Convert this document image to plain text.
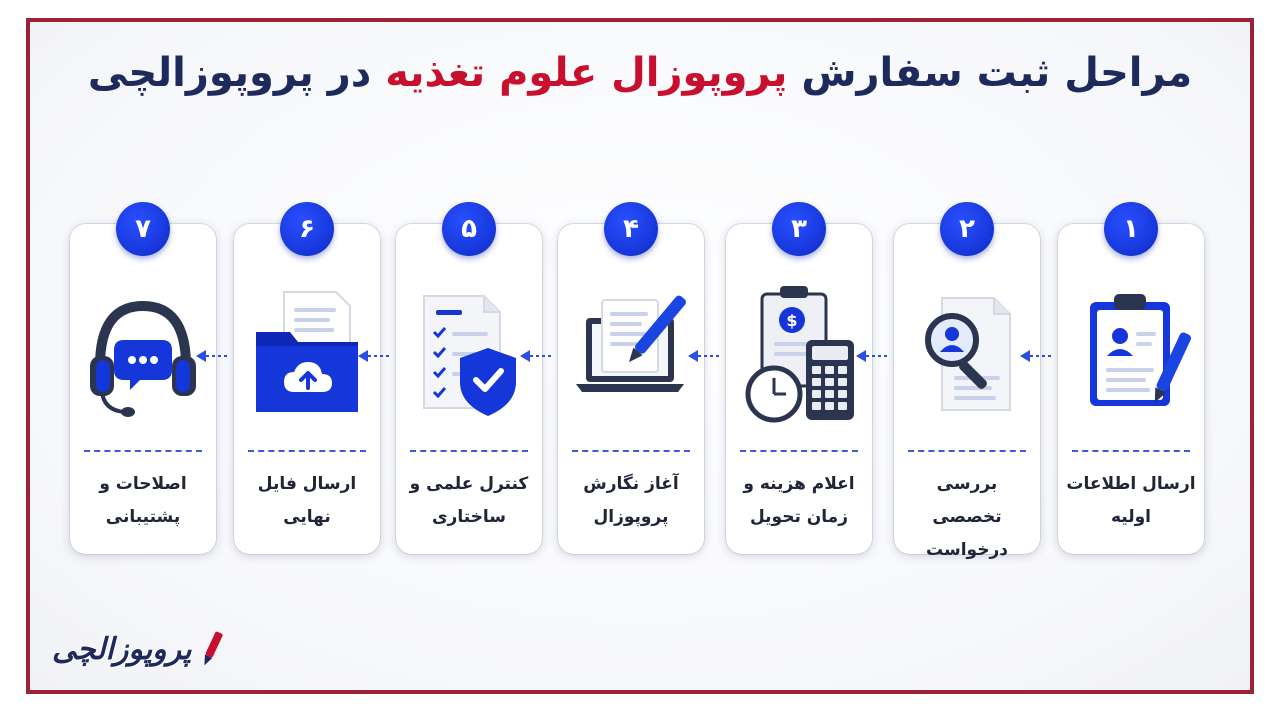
مراحل ثبت سفارش پروپوزال علوم تغذیه در پروپوزالچی
۱
ارسال اطلاعات
اولیه
۲
بررسی تخصصی
درخواست
۳
$
اعلام هزینه و
زمان تحویل
۴
آغاز نگارش
پروپوزال
۵
کنترل علمی و
ساختاری
۶
ارسال فایل
نهایی
۷
اصلاحات و
پشتیبانی
پروپوزالچی
